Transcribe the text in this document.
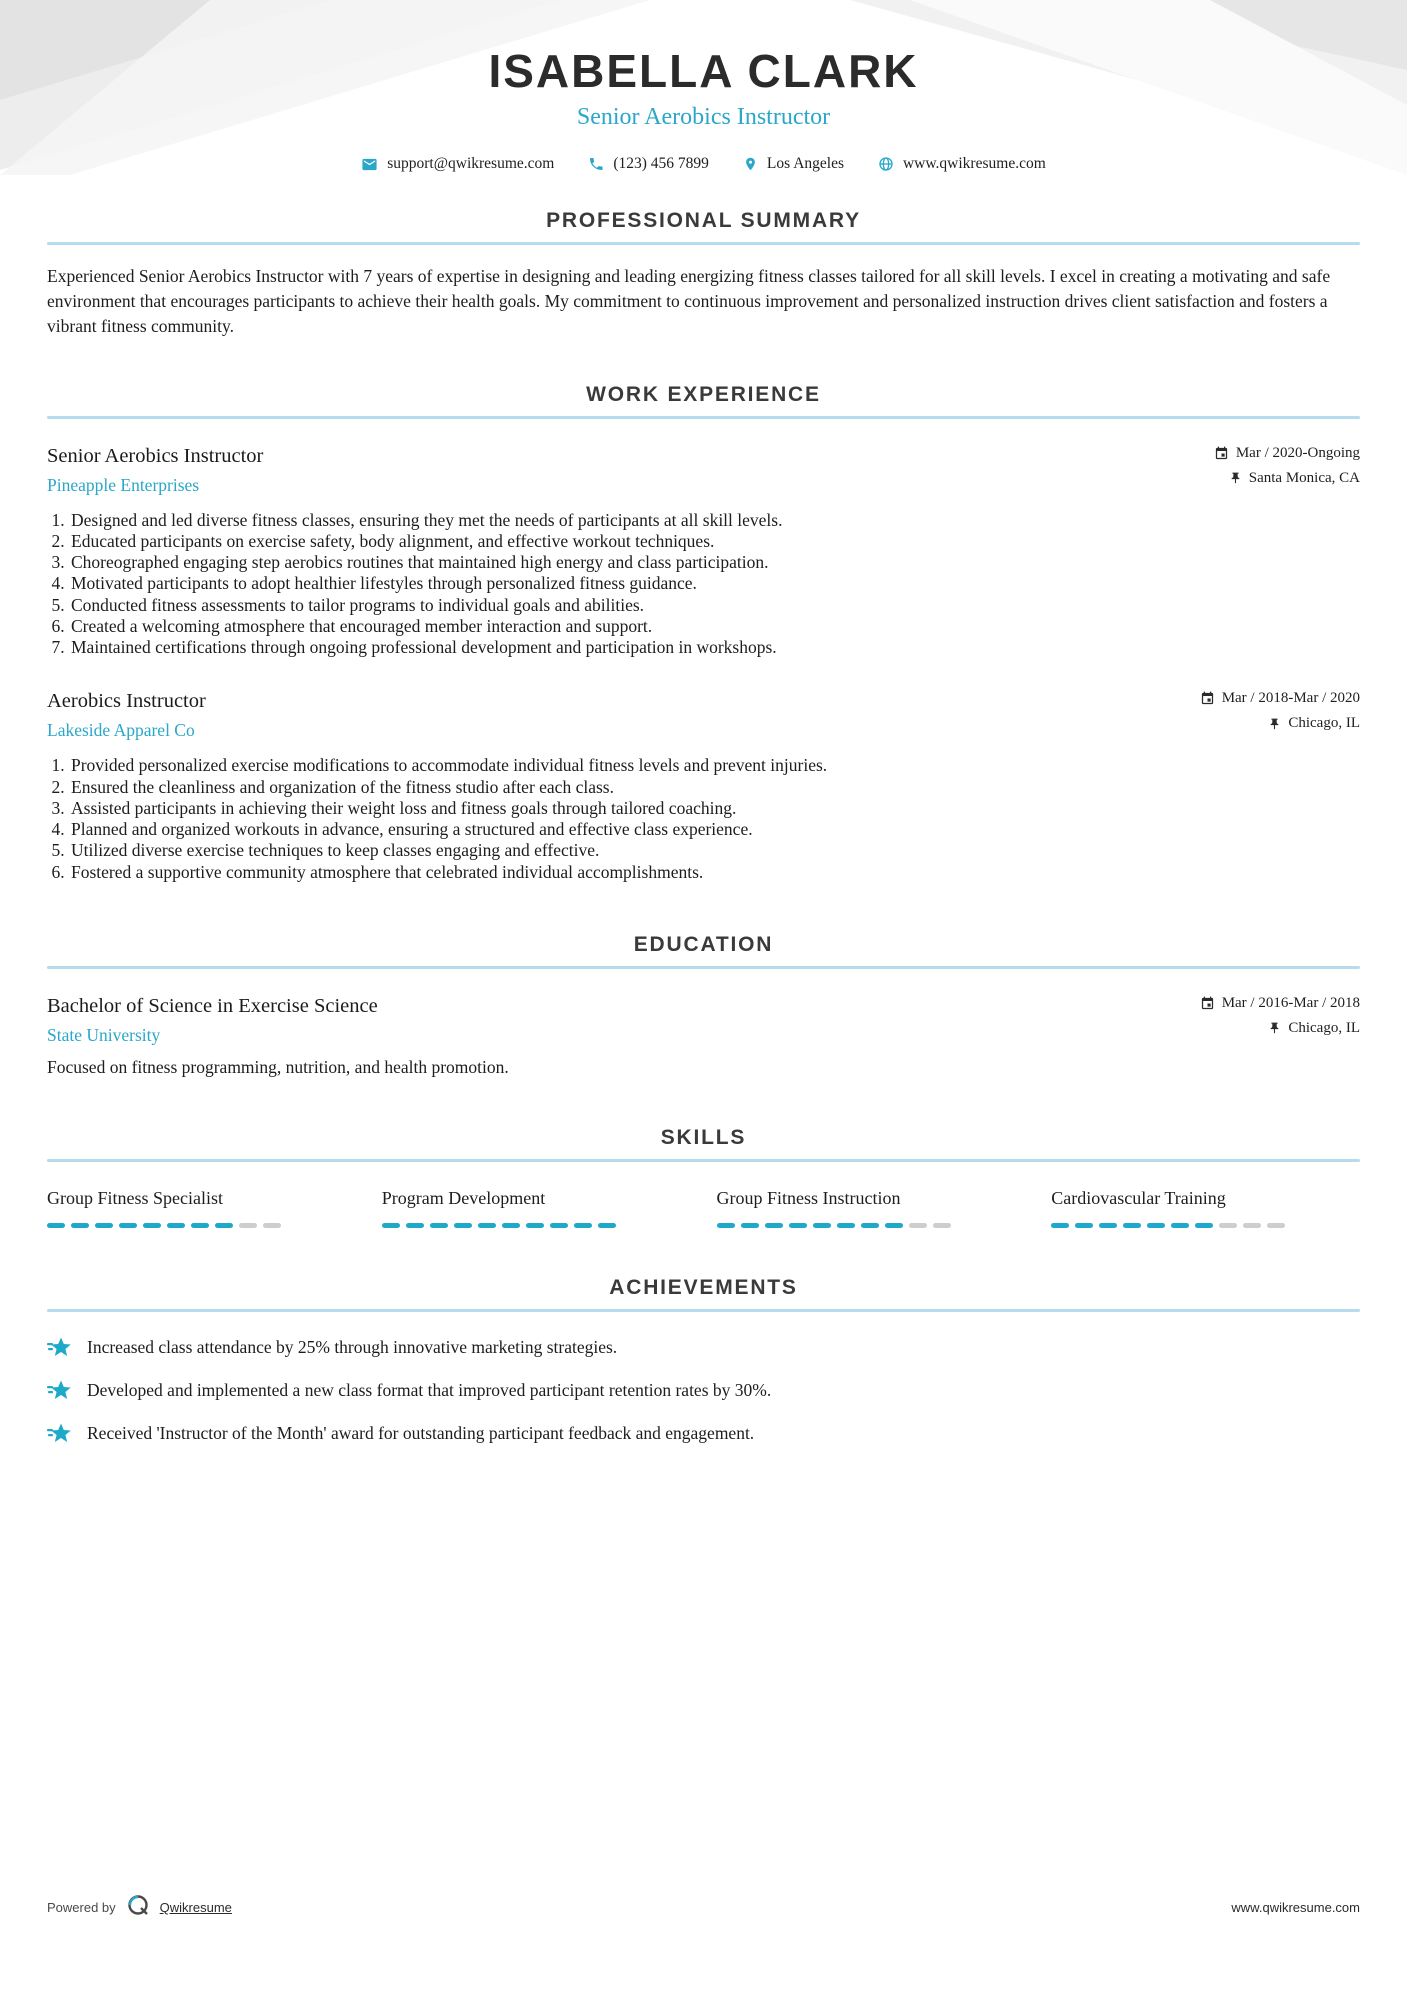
ISABELLA CLARK
Senior Aerobics Instructor
support@qwikresume.com	(123) 456 7899	Los Angeles	www.qwikresume.com
PROFESSIONAL SUMMARY

Experienced Senior Aerobics Instructor with 7 years of expertise in designing and leading energizing fitness classes tailored for all skill levels. I excel in creating a motivating and safe environment that encourages participants to achieve their health goals. My commitment to continuous improvement and personalized instruction drives client satisfaction and fosters a vibrant fitness community.

WORK EXPERIENCE
Senior Aerobics Instructor
Pineapple Enterprises
Mar / 2020-Ongoing
Santa Monica, CA
1. Designed and led diverse fitness classes, ensuring they met the needs of participants at all skill levels.
2. Educated participants on exercise safety, body alignment, and effective workout techniques.
3. Choreographed engaging step aerobics routines that maintained high energy and class participation.
4. Motivated participants to adopt healthier lifestyles through personalized fitness guidance.
5. Conducted fitness assessments to tailor programs to individual goals and abilities.
6. Created a welcoming atmosphere that encouraged member interaction and support.
7. Maintained certifications through ongoing professional development and participation in workshops.
Aerobics Instructor
Lakeside Apparel Co
Mar / 2018-Mar / 2020
Chicago, IL
1. Provided personalized exercise modifications to accommodate individual fitness levels and prevent injuries.
2. Ensured the cleanliness and organization of the fitness studio after each class.
3. Assisted participants in achieving their weight loss and fitness goals through tailored coaching.
4. Planned and organized workouts in advance, ensuring a structured and effective class experience.
5. Utilized diverse exercise techniques to keep classes engaging and effective.
6. Fostered a supportive community atmosphere that celebrated individual accomplishments.
EDUCATION
Bachelor of Science in Exercise Science
State University
Mar / 2016-Mar / 2018
Chicago, IL

Focused on fitness programming, nutrition, and health promotion.

SKILLS
Group Fitness Specialist	Program Development	Group Fitness Instruction	Cardiovascular Training
ACHIEVEMENTS
Increased class attendance by 25% through innovative marketing strategies.
Developed and implemented a new class format that improved participant retention rates by 30%.
Received 'Instructor of the Month' award for outstanding participant feedback and engagement.
Powered by	Qwikresume	www.qwikresume.com
